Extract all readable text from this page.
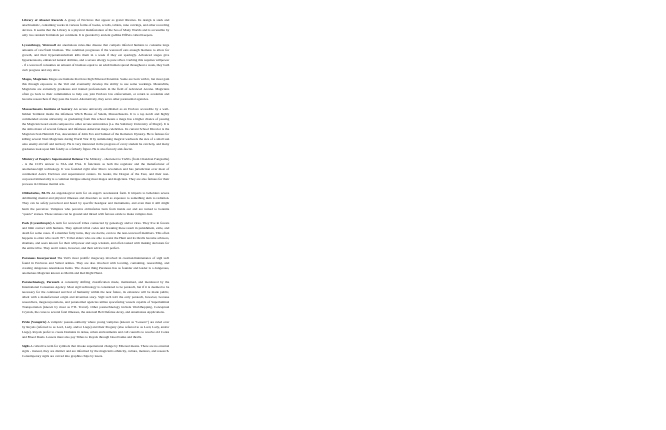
Library of Abaster Records A group of Enclaves that appear as grand libraries. Its design is stark and anachronistic, containing works in various forms of books, scrolls, tablets, rune carvings, and other recording devices. It seems that the Library is a physical manifestation of the Sea of Many Worlds and is accessible by only two random Terminals per continent. It is guarded by ancient godlike ElfPets called Keepers.

Lycanthropy, Werewolf An anomalous rules-like disease that compels infected humans to consume large amounts of raw/fresh biomass. The condition progresses if the werewolf eats enough biomass to allow for growth, and their hyperamatabolism kills them in a week if they eat sparingly. Advanced stages give hyperkeratosis, enhanced natural abilities, and a severe allergy to pure silver. Curbing this requires willpower - if a werewolf consumes an amount of biomass equal to an adult human spread throughout a week, they both curb progress and stay alive.

Mages, Magicians Mages are humans that have high Ethereal Potential. Some are born with it, but most gain this through exposure to the Veil and eventually develop the ability to use some workings. Meanwhile, Magicians are extremely graduates and trained professionals in the field of Advanced Arcane. Magicians often go back to their communities to help out, join Enclave law enforcement, or return to academia and become researchers if they pass the board. Alternatively, they serve other paranormal agencies.

Massachusetts Institute of Sorcery An arcane university established as an Enclave accessible by a well-hidden Terminal inside the infamous Witch House of Salem, Massachusetts. It is a top notch and highly commended arcane university, as graduating from this school means a mage has a higher chance of passing the Magician board exam compared to other arcane universities (i.e. the Salisbury University of Magic). It is the alma mater of several famous and infamous American mage celebrities. Its current School Director is the Magician Ivan Heinrich Fox, descendant of John Fox and Samuel of the Romanov Dynasty. He is famous for killing several Nazi Magicians during World War II by summoning magical warheads the size of a small sun onto enemy aircraft and territory. He is very interested in the progress of every student he can help, and many graduates look upon him fondly as a fatherly figure. He is also fiercely anti-fascist.

Ministry of People's Supernatural Defense The Ministry - shortened to TANG (from Chandran Fangzaibu) - is the CCP's answer to SSA and ESA. It functions as both the regulator and the manufacturer of anomalous/sigil technology. It was founded right after Mao's revolution and has jurisdiction over most of continental Asia's Enclaves and supernatural centers. Its leader, the Dragon of the East, and their non-corporeal immortality is a common intrigue among most mages and magicians. They are also famous for their prowess in Chinese martial arts.

Oblitofarius, BL/Ts An angelological term for an angel's ascensional form. It imparts to beholders severe debilitating mental and physical illnesses and disorders as well as exposure to something akin to radiation. They can be safely perceived and heard by specific headgear and instruments, and even then it still might harm the perceiver. Vampires who perceive oblitofarius burn from inside out and are turned to botanite "quartz" statues. These statues can be ground and mixed with ferrous oxide to make vampire dust.

Pack (Lycanthropic) A term for werewolf tribes connected by genealogy and/or virus. They live in forests and limit contact with humans. They uphold tribal codes and breaking these result in punishment, exile, and death for some cases. If a member fully turns, they are docile, even to the non-werewolf members. This often happens to elder who reach 70+. Tribal elders who are able to resist the Hunt and its thralls become advisors, shamans, and seers known for their willpower and sage wisdom, and often tasked with making decisions for the entire tribe. They aren't rulers, however, and their advice isn't perfect.

Paranous Incorporated The Veil's most prolific megacorp involved in creation/maintenance of sigil tech found in Enclaves and Veiled armies. They are also involved with locating, containing, researching, and creating dangerous Anomalous Items. The closest thing Paranous has as founder and leader is a dangerous, anomalous Magician known as Merlin and Red Right Hand.

Paratechnology, Paratech A constantly shifting classification made, maintained, and monitored by the International Consensus Agency. Most sigil technology is considered to be paratech, but if it is deemed to be necessary for the continued survival of humanity within the near future, its existence will be made public, albeit with a manufactured origin and invention story. Sigil tech isn't the only paratech, however, because researchers, megacorporations, and paranormal agencies utilize spacefaring vessels capable of Superluminal Transportation (known by most as FTL Travel). Other paratechnology include Worldhopping, Conceptual Crystals, the cures to several fatal illnesses, the Asteroid Belt Defense Array, and Anomalous Applications.

Pride (Vampiric) A vampiric pseudo-authority where young vampires (known as "Lessers") are ruled over by Royals (referred to as Lord, Lady, and/or Liege) and their Progeny (also referred to as Lord, Lady, and/or Liege). Royals prefer to create Domains in dense, urban environments and call councils to resolve old Codes and Blood Duels. Lessers must also pay Tithes to Royals through blood banks and thralls.

Sigils A collective term for symbols that invoke supernatural change by Ethereal means. There are no external sigils - instead, they are distinct and are informed by the magician's ethnicity, culture, mentors, and research. Contemporary sigils are carved into graphite chips by lasers.
